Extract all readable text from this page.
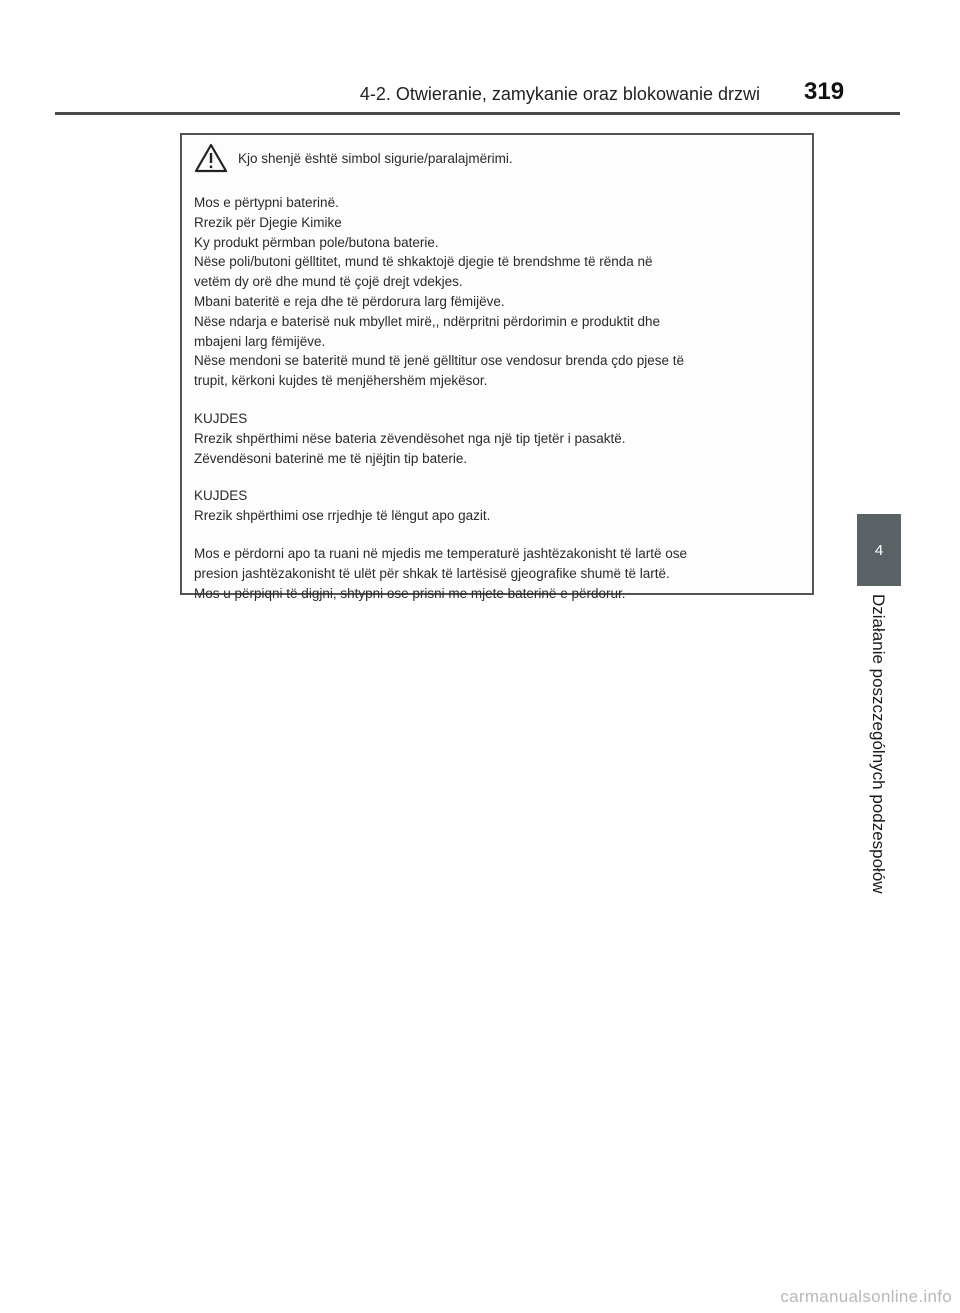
4-2. Otwieranie, zamykanie oraz blokowanie drzwi 319
4
Działanie poszczególnych podzespołów
Kjo shenjë është simbol sigurie/paralajmërimi.
Mos e përtypni baterinë.
Rrezik për Djegie Kimike
Ky produkt përmban pole/butona baterie.
Nëse poli/butoni gëlltitet, mund të shkaktojë djegie të brendshme të rënda në
vetëm dy orë dhe mund të çojë drejt vdekjes.
Mbani bateritë e reja dhe të përdorura larg fëmijëve.
Nëse ndarja e baterisë nuk mbyllet mirë,, ndërpritni përdorimin e produktit dhe
mbajeni larg fëmijëve.
Nëse mendoni se bateritë mund të jenë gëlltitur ose vendosur brenda çdo pjese të
trupit, kërkoni kujdes të menjëhershëm mjekësor.
KUJDES
Rrezik shpërthimi nëse bateria zëvendësohet nga një tip tjetër i pasaktë.
Zëvendësoni baterinë me të njëjtin tip baterie.
KUJDES
Rrezik shpërthimi ose rrjedhje të lëngut apo gazit.
Mos e përdorni apo ta ruani në mjedis me temperaturë jashtëzakonisht të lartë ose
presion jashtëzakonisht të ulët për shkak të lartësisë gjeografike shumë të lartë.
Mos u përpiqni të digjni, shtypni ose prisni me mjete baterinë e përdorur.
carmanualsonline.info
